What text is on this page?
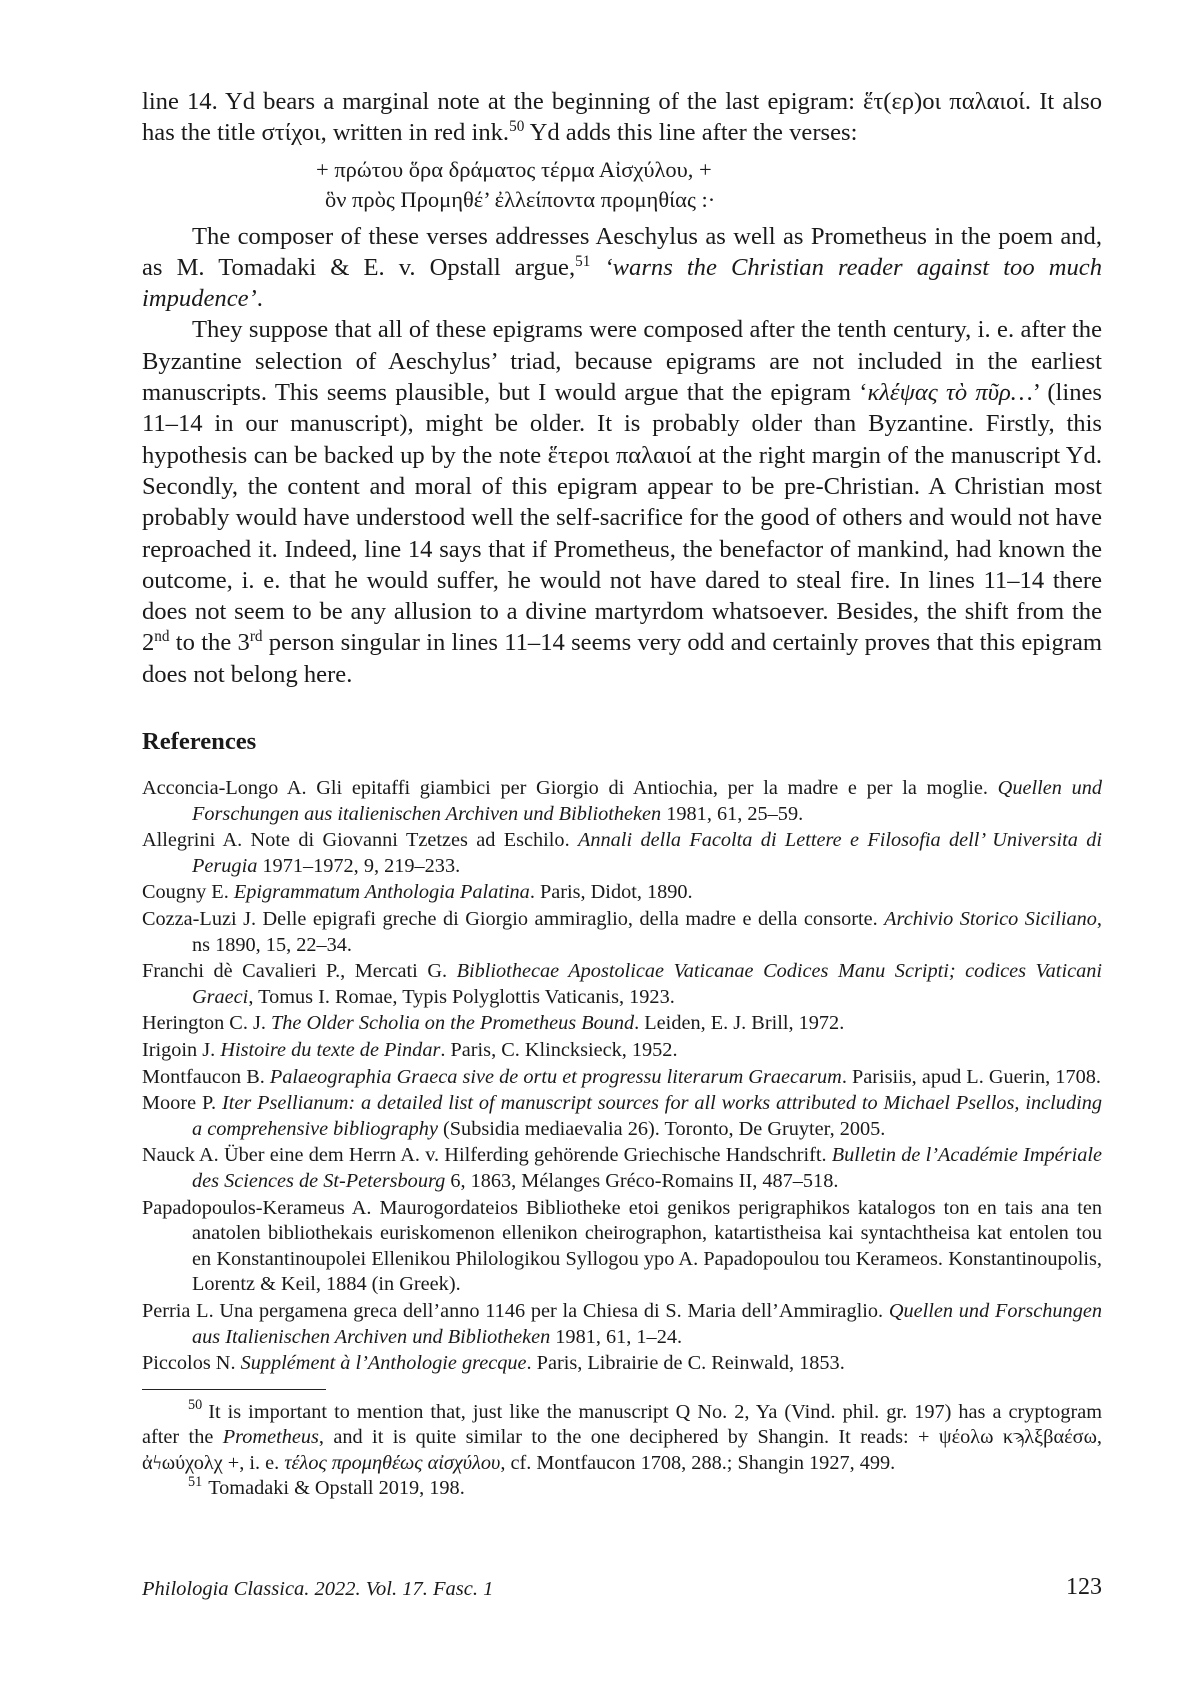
line 14. Yd bears a marginal note at the beginning of the last epigram: ἕτ(ερ)οι παλαιοί. It also has the title στίχοι, written in red ink.$^{50}$ Yd adds this line after the verses:

+ πρώτου ὅρα δράματος τέρμα Αἰσχύλου, +
ὃν πρὸς Προμηθέ’ ἐλλείποντα προμηθίας :·

The composer of these verses addresses Aeschylus as well as Prometheus in the poem and, as M. Tomadaki & E. v. Opstall argue,$^{51}$ ‘warns the Christian reader against too much impudence’.

They suppose that all of these epigrams were composed after the tenth century, i. e. after the Byzantine selection of Aeschylus’ triad, because epigrams are not included in the earliest manuscripts. This seems plausible, but I would argue that the epigram ‘κλέψας τὸ πῦρ…’ (lines 11–14 in our manuscript), might be older. It is probably older than Byzantine. Firstly, this hypothesis can be backed up by the note ἕτεροι παλαιοί at the right margin of the manuscript Yd. Secondly, the content and moral of this epigram appear to be pre-Christian. A Christian most probably would have understood well the self-sacrifice for the good of others and would not have reproached it. Indeed, line 14 says that if Prometheus, the benefactor of mankind, had known the outcome, i. e. that he would suffer, he would not have dared to steal fire. In lines 11–14 there does not seem to be any allusion to a divine martyrdom whatsoever. Besides, the shift from the 2nd to the 3rd person singular in lines 11–14 seems very odd and certainly proves that this epigram does not belong here.

References

Acconcia-Longo A. Gli epitaffi giambici per Giorgio di Antiochia, per la madre e per la moglie. Quellen und Forschungen aus italienischen Archiven und Bibliotheken 1981, 61, 25–59.

Allegrini A. Note di Giovanni Tzetzes ad Eschilo. Annali della Facolta di Lettere e Filosofia dell’ Universita di Perugia 1971–1972, 9, 219–233.

Cougny E. Epigrammatum Anthologia Palatina. Paris, Didot, 1890.

Cozza-Luzi J. Delle epigrafi greche di Giorgio ammiraglio, della madre e della consorte. Archivio Storico Siciliano, ns 1890, 15, 22–34.

Franchi dè Cavalieri P., Mercati G. Bibliothecae Apostolicae Vaticanae Codices Manu Scripti; codices Vaticani Graeci, Tomus I. Romae, Typis Polyglottis Vaticanis, 1923.

Herington C. J. The Older Scholia on the Prometheus Bound. Leiden, E. J. Brill, 1972.

Irigoin J. Histoire du texte de Pindar. Paris, C. Klincksieck, 1952.

Montfaucon B. Palaeographia Graeca sive de ortu et progressu literarum Graecarum. Parisiis, apud L. Guerin, 1708.

Moore P. Iter Psellianum: a detailed list of manuscript sources for all works attributed to Michael Psellos, including a comprehensive bibliography (Subsidia mediaevalia 26). Toronto, De Gruyter, 2005.

Nauck A. Über eine dem Herrn A. v. Hilferding gehörende Griechische Handschrift. Bulletin de l’Académie Impériale des Sciences de St-Petersbourg 6, 1863, Mélanges Gréco-Romains II, 487–518.

Papadopoulos-Kerameus A. Maurogordateios Bibliotheke etoi genikos perigraphikos katalogos ton en tais ana ten anatolen bibliothekais euriskomenon ellenikon cheirographon, katartistheisa kai syntachtheisa kat entolen tou en Konstantinoupolei Ellenikou Philologikou Syllogou ypo A. Papadopoulou tou Kerameos. Konstantinoupolis, Lorentz & Keil, 1884 (in Greek).

Perria L. Una pergamena greca dell’anno 1146 per la Chiesa di S. Maria dell’Ammiraglio. Quellen und Forschungen aus Italienischen Archiven und Bibliotheken 1981, 61, 1–24.

Piccolos N. Supplément à l’Anthologie grecque. Paris, Librairie de C. Reinwald, 1853.

$^{50}$ It is important to mention that, just like the manuscript Q No. 2, Ya (Vind. phil. gr. 197) has a cryptogram after the Prometheus, and it is quite similar to the one deciphered by Shangin. It reads: + ψέολω κϡλξβαέσω, ἀϟωύχολχ +, i. e. τέλος προμηθέως αἰσχύλου, cf. Montfaucon 1708, 288.; Shangin 1927, 499.

$^{51}$ Tomadaki & Opstall 2019, 198.

Philologia Classica. 2022. Vol. 17. Fasc. 1	123
